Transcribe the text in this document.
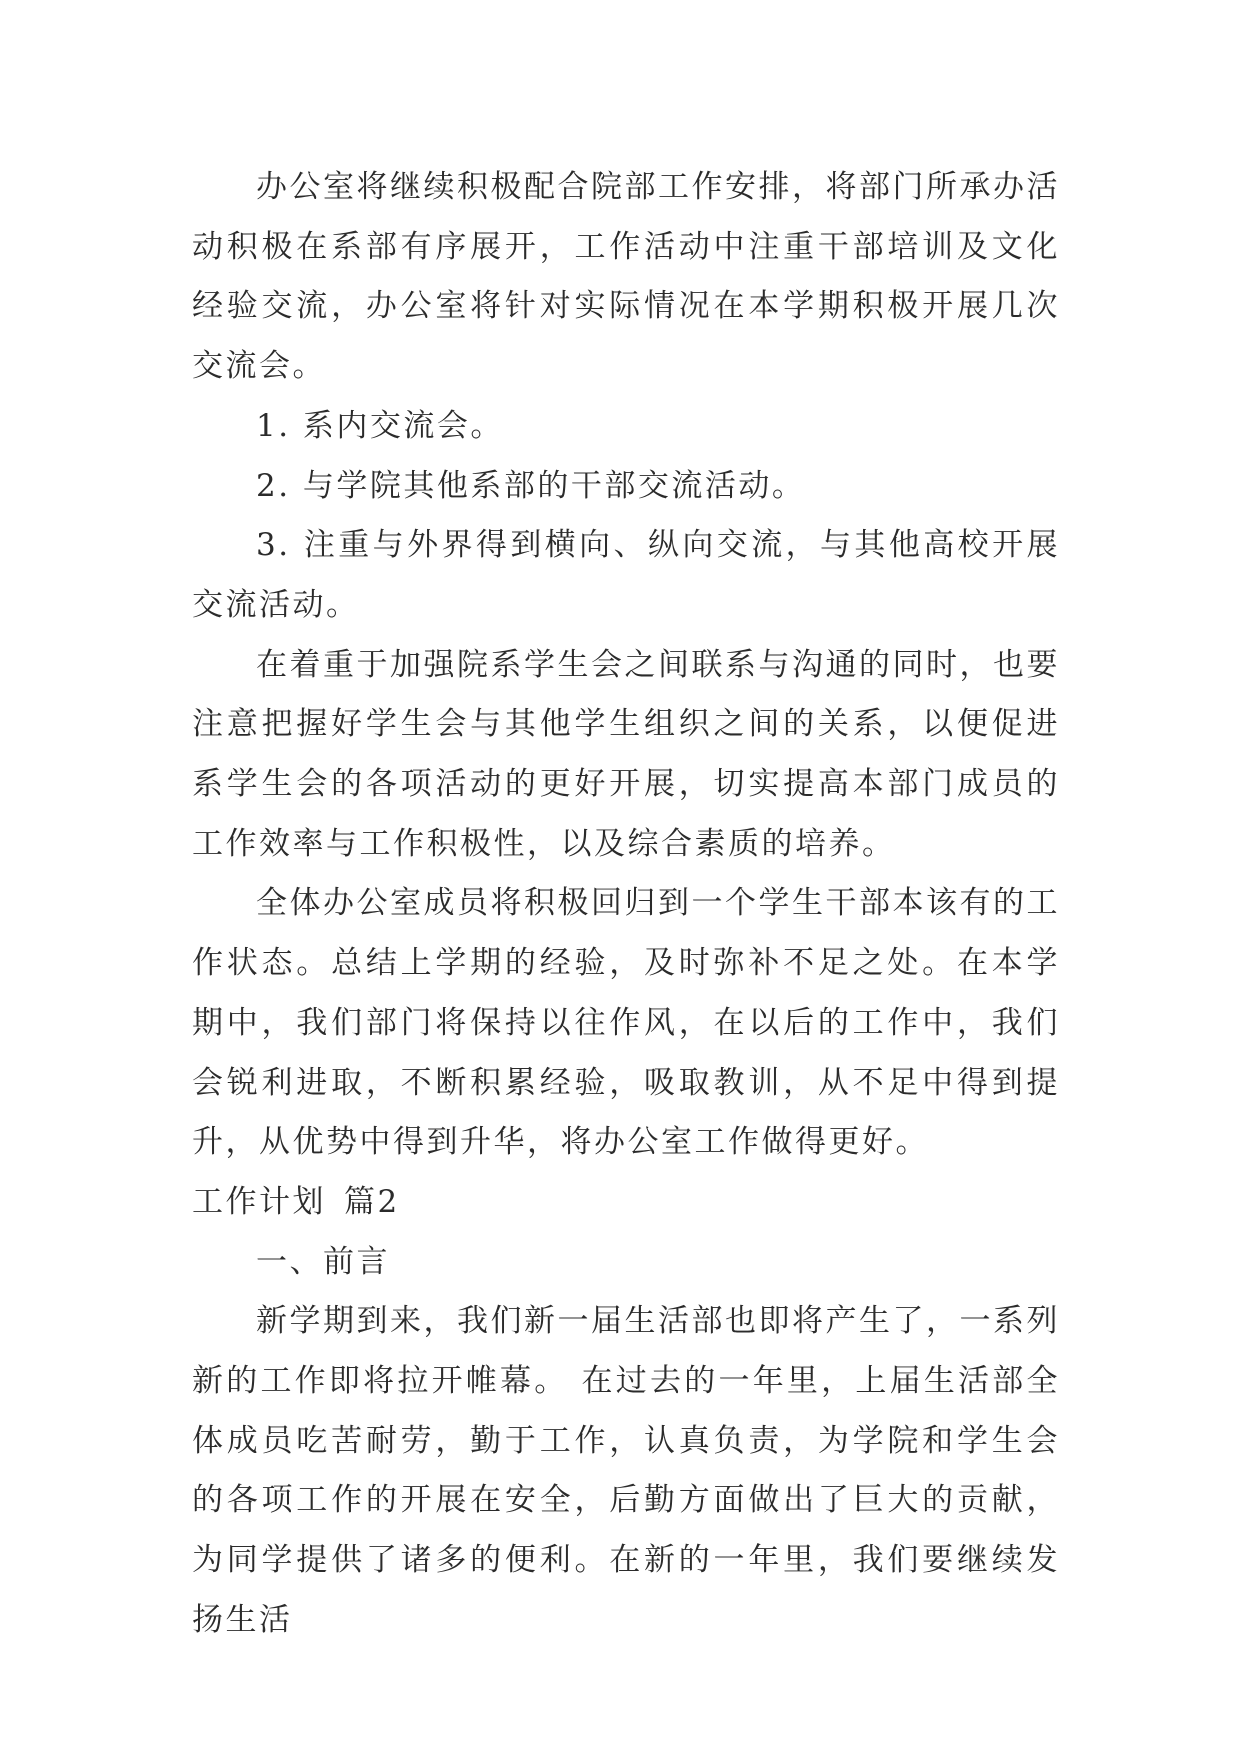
办公室将继续积极配合院部工作安排，将部门所承办活动积极在系部有序展开，工作活动中注重干部培训及文化经验交流，办公室将针对实际情况在本学期积极开展几次交流会。

1. 系内交流会。

2. 与学院其他系部的干部交流活动。

3. 注重与外界得到横向、纵向交流，与其他高校开展交流活动。

在着重于加强院系学生会之间联系与沟通的同时，也要注意把握好学生会与其他学生组织之间的关系，以便促进系学生会的各项活动的更好开展，切实提高本部门成员的工作效率与工作积极性，以及综合素质的培养。

全体办公室成员将积极回归到一个学生干部本该有的工作状态。总结上学期的经验，及时弥补不足之处。在本学期中，我们部门将保持以往作风，在以后的工作中，我们会锐利进取，不断积累经验，吸取教训，从不足中得到提升，从优势中得到升华，将办公室工作做得更好。

工作计划 篇2

一、前言

新学期到来，我们新一届生活部也即将产生了，一系列新的工作即将拉开帷幕。 在过去的一年里，上届生活部全体成员吃苦耐劳，勤于工作，认真负责，为学院和学生会的各项工作的开展在安全，后勤方面做出了巨大的贡献，为同学提供了诸多的便利。在新的一年里，我们要继续发扬生活
